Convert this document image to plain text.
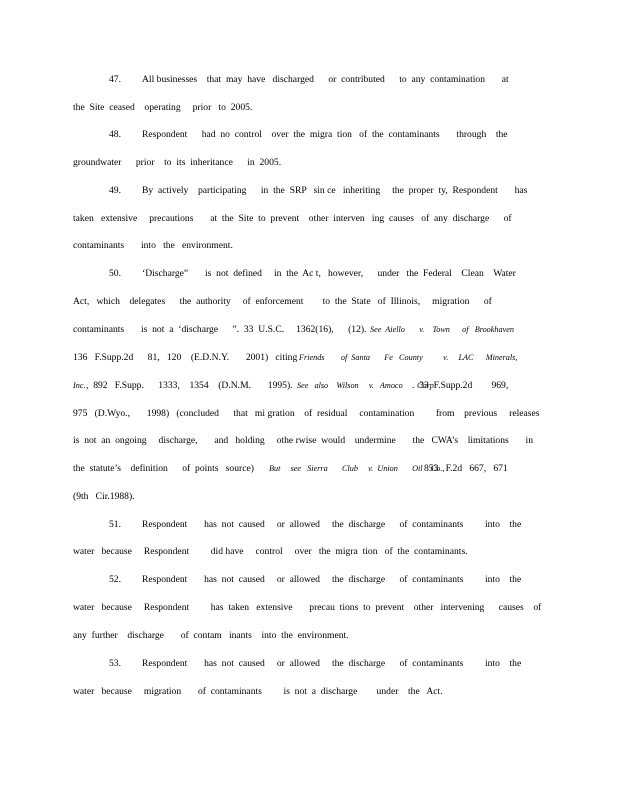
47. All businesses    that  may  have   discharged      or  contributed      to  any  contamination       at
the  Site  ceased    operating     prior   to  2005.
48. Respondent      had  no  control    over  the  migra  tion   of  the  contaminants       through    the
groundwater      prior    to  its  inheritance      in  2005.
49. By  actively    participating      in  the  SRP   sin ce   inheriting     the  proper  ty,  Respondent       has
taken   extensive     precautions       at  the  Site  to  prevent    other  interven   ing  causes   of  any  discharge      of
contaminants       into   the   environment.
50. ‘Discharge”       is  not  defined     in  the  Ac t,   however,      under   the  Federal    Clean    Water
Act,   which    delegates      the  authority     of  enforcement        to  the  State   of  Illinois,     migration      of
contaminants       is  not  a  ‘discharge      ”.  33  U.S.C.     1362(16),      (12). See  Aiello       v.    Town      of   Brookhaven
136   F.Supp.2d      81,   120    (E.D.N.Y.       2001)   citing Friends        of  Santa       Fe   County          v.     LAC      Minerals,
Inc. ,  892   F.Supp.      1333,    1354    (D.N.M.       1995). See   also    Wilson     v.   Amoco       Corp
.  33  F.Supp.2d        969,
975   (D.Wyo.,       1998)   (concluded      that   mi gration    of  residual     contamination         from    previous     releases
is  not  an  ongoing     discharge,       and   holding     othe rwise  would    undermine       the   CWA’s    limitations       in
the  statute’s    definition      of  points   source) But     see   Sierra       Club     v.  Union       Oil    Co.,
853   F.2d   667,   671
(9th   Cir.1988).
51. Respondent       has  not  caused     or  allowed     the  discharge      of  contaminants         into    the
water   because     Respondent         did have     control     over   the  migra  tion   of  the  contaminants.
52. Respondent       has  not  caused     or  allowed     the  discharge      of  contaminants         into    the
water   because     Respondent         has  taken   extensive       precau  tions  to  prevent    other   intervening      causes    of
any  further    discharge       of  contam   inants    into  the  environment.
53. Respondent       has  not  caused     or  allowed     the  discharge      of  contaminants         into    the
water   because     migration       of  contaminants         is  not  a  discharge        under    the   Act.
